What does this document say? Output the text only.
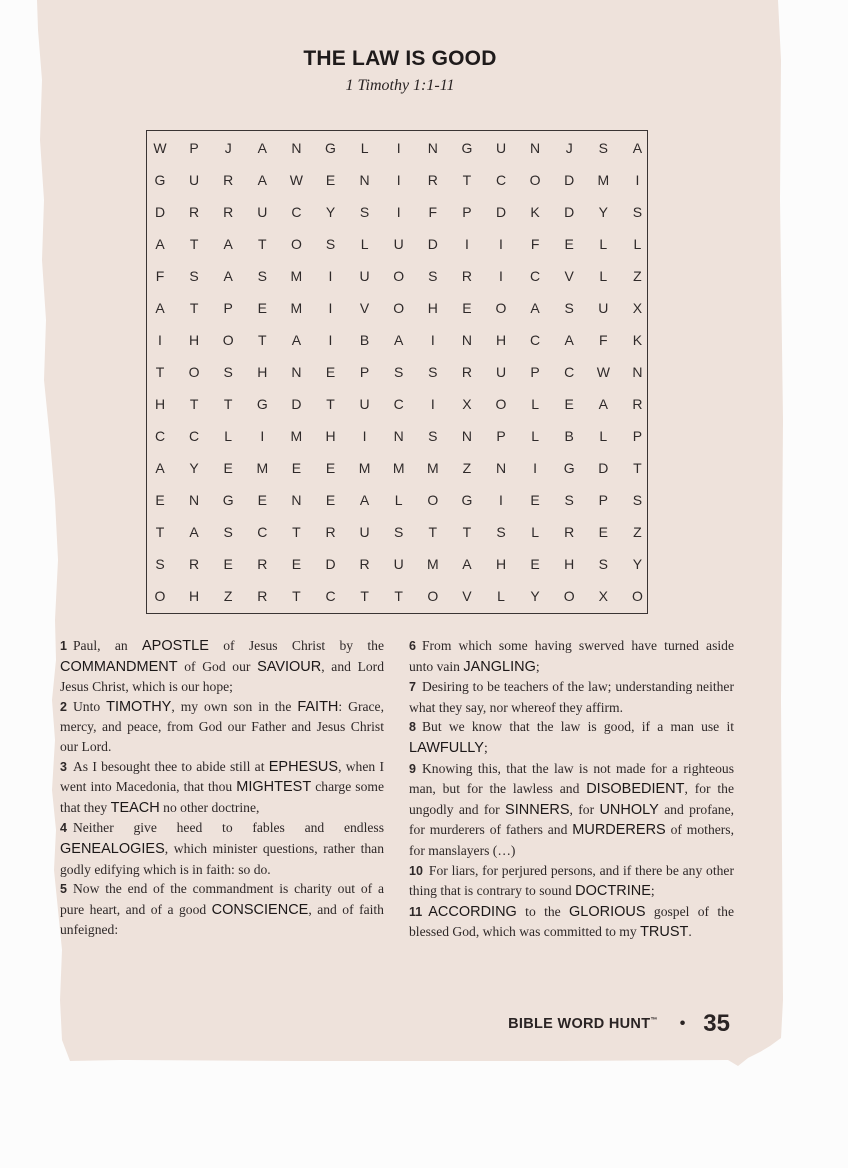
THE LAW IS GOOD
1 Timothy 1:1-11
W	P	J	A	N	G	L	I	N	G	U	N	J	S	A
G	U	R	A	W	E	N	I	R	T	C	O	D	M	I
D	R	R	U	C	Y	S	I	F	P	D	K	D	Y	S
A	T	A	T	O	S	L	U	D	I	I	F	E	L	L
F	S	A	S	M	I	U	O	S	R	I	C	V	L	Z
A	T	P	E	M	I	V	O	H	E	O	A	S	U	X
I	H	O	T	A	I	B	A	I	N	H	C	A	F	K
T	O	S	H	N	E	P	S	S	R	U	P	C	W	N
H	T	T	G	D	T	U	C	I	X	O	L	E	A	R
C	C	L	I	M	H	I	N	S	N	P	L	B	L	P
A	Y	E	M	E	E	M	M	M	Z	N	I	G	D	T
E	N	G	E	N	E	A	L	O	G	I	E	S	P	S
T	A	S	C	T	R	U	S	T	T	S	L	R	E	Z
S	R	E	R	E	D	R	U	M	A	H	E	H	S	Y
O	H	Z	R	T	C	T	T	O	V	L	Y	O	X	O

1 Paul, an APOSTLE of Jesus Christ by the COMMANDMENT of God our SAVIOUR, and Lord Jesus Christ, which is our hope;

2 Unto TIMOTHY, my own son in the FAITH: Grace, mercy, and peace, from God our Father and Jesus Christ our Lord.

3 As I besought thee to abide still at EPHESUS, when I went into Macedonia, that thou MIGHTEST charge some that they TEACH no other doctrine,

4 Neither give heed to fables and endless GENEALOGIES, which minister questions, rather than godly edifying which is in faith: so do.

5 Now the end of the commandment is charity out of a pure heart, and of a good CONSCIENCE, and of faith unfeigned:

6 From which some having swerved have turned aside unto vain JANGLING;

7 Desiring to be teachers of the law; understanding neither what they say, nor whereof they affirm.

8 But we know that the law is good, if a man use it LAWFULLY;

9 Knowing this, that the law is not made for a righteous man, but for the lawless and DISOBEDIENT, for the ungodly and for SINNERS, for UNHOLY and profane, for murderers of fathers and MURDERERS of mothers, for manslayers (…)

10 For liars, for perjured persons, and if there be any other thing that is contrary to sound DOCTRINE;

11 ACCORDING to the GLORIOUS gospel of the blessed God, which was committed to my TRUST.

BIBLE WORD HUNT™ • 35
